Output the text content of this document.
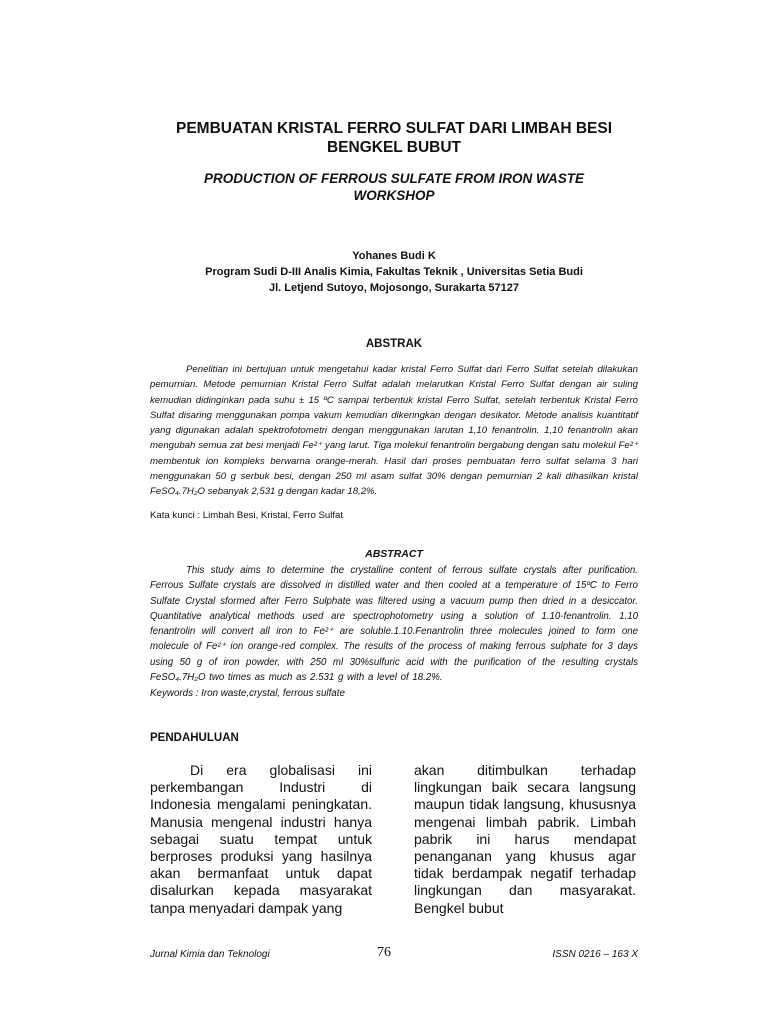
PEMBUATAN KRISTAL FERRO SULFAT DARI LIMBAH BESI
BENGKEL BUBUT
PRODUCTION OF FERROUS SULFATE FROM IRON WASTE
WORKSHOP
Yohanes Budi K
Program Sudi D-III Analis Kimia, Fakultas Teknik , Universitas Setia Budi
Jl. Letjend Sutoyo, Mojosongo, Surakarta 57127
ABSTRAK
Penelitian ini bertujuan untuk mengetahui kadar kristal Ferro Sulfat dari Ferro Sulfat setelah dilakukan pemurnian. Metode pemurnian Kristal Ferro Sulfat adalah melarutkan Kristal Ferro Sulfat dengan air suling kemudian didinginkan pada suhu ± 15 ºC sampai terbentuk kristal Ferro Sulfat, setelah terbentuk Kristal Ferro Sulfat disaring menggunakan pompa vakum kemudian dikeringkan dengan desikator. Metode analisis kuantitatif yang digunakan adalah spektrofotometri dengan menggunakan larutan 1,10 fenantrolin. 1,10 fenantrolin akan mengubah semua zat besi menjadi Fe²⁺ yang larut. Tiga molekul fenantrolin bergabung dengan satu molekul Fe²⁺ membentuk ion kompleks berwarna orange-merah. Hasil dari proses pembuatan ferro sulfat selama 3 hari menggunakan 50 g serbuk besi, dengan 250 ml asam sulfat 30% dengan pemurnian 2 kali dihasilkan kristal FeSO₄.7H₂O sebanyak 2,531 g dengan kadar 18,2%.
Kata kunci : Limbah Besi, Kristal, Ferro Sulfat
ABSTRACT
This study aims to determine the crystalline content of ferrous sulfate crystals after purification. Ferrous Sulfate crystals are dissolved in distilled water and then cooled at a temperature of 15ºC to Ferro Sulfate Crystal sformed after Ferro Sulphate was filtered using a vacuum pump then dried in a desiccator. Quantitative analytical methods used are spectrophotometry using a solution of 1.10-fenantrolin. 1.10 fenantrolin will convert all iron to Fe²⁺ are soluble.1.10.Fenantrolin three molecules joined to form one molecule of Fe²⁺ ion orange-red complex. The results of the process of making ferrous sulphate for 3 days using 50 g of iron powder, with 250 ml 30%sulfuric acid with the purification of the resulting crystals FeSO₄.7H₂O two times as much as 2.531 g with a level of 18.2%.
Keywords : Iron waste,crystal, ferrous sulfate
PENDAHULUAN
Di era globalisasi ini perkembangan Industri di Indonesia mengalami peningkatan. Manusia mengenal industri hanya sebagai suatu tempat untuk berproses produksi yang hasilnya akan bermanfaat untuk dapat disalurkan kepada masyarakat tanpa menyadari dampak yang
akan ditimbulkan terhadap lingkungan baik secara langsung maupun tidak langsung, khususnya mengenai limbah pabrik. Limbah pabrik ini harus mendapat penanganan yang khusus agar tidak berdampak negatif terhadap lingkungan dan masyarakat. Bengkel bubut
Jurnal Kimia dan Teknologi	76	ISSN 0216 – 163 X
